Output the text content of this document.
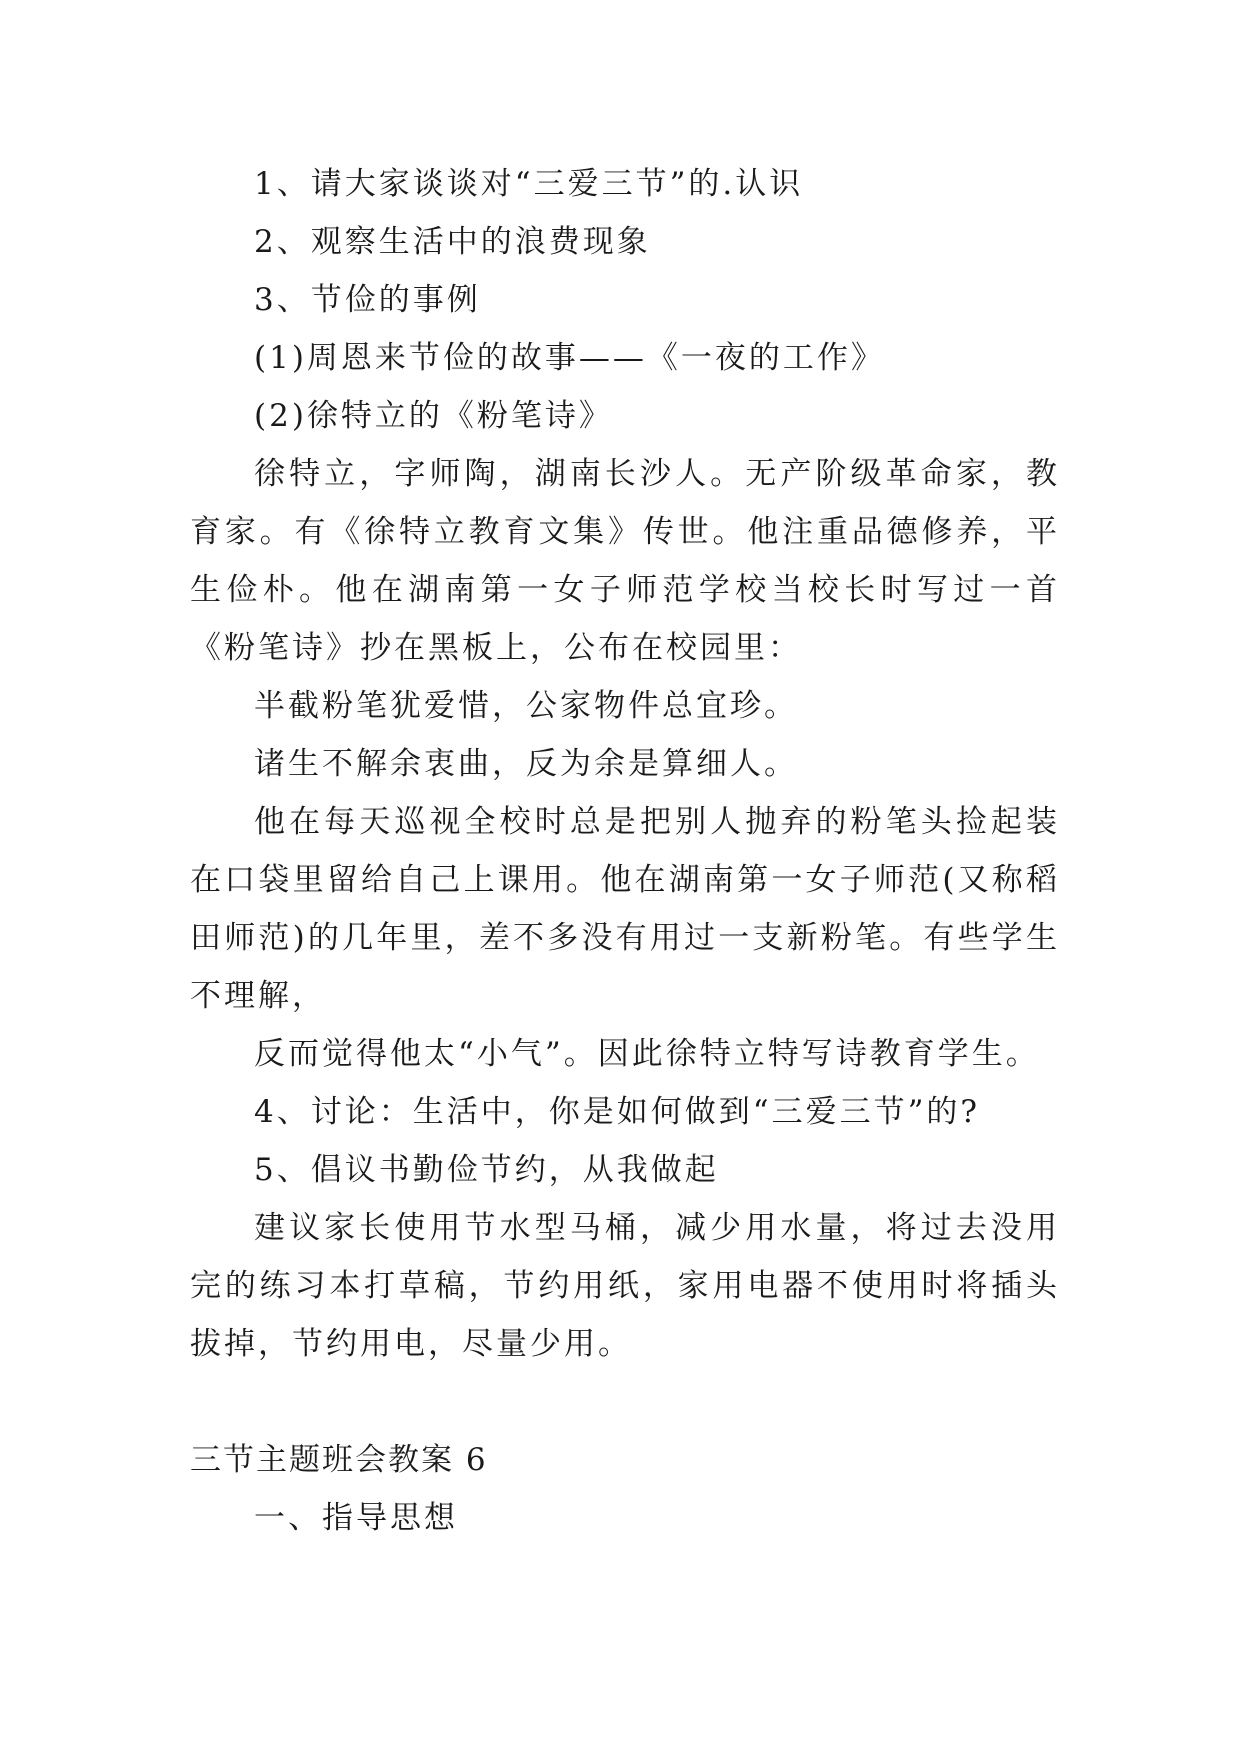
1、请大家谈谈对“三爱三节”的.认识

2、观察生活中的浪费现象

3、节俭的事例

(1)周恩来节俭的故事——《一夜的工作》

(2)徐特立的《粉笔诗》

徐特立，字师陶，湖南长沙人。无产阶级革命家，教育家。有《徐特立教育文集》传世。他注重品德修养，平生俭朴。他在湖南第一女子师范学校当校长时写过一首《粉笔诗》抄在黑板上，公布在校园里：

半截粉笔犹爱惜，公家物件总宜珍。

诸生不解余衷曲，反为余是算细人。

他在每天巡视全校时总是把别人抛弃的粉笔头捡起装在口袋里留给自己上课用。他在湖南第一女子师范(又称稻田师范)的几年里，差不多没有用过一支新粉笔。有些学生不理解，

反而觉得他太“小气”。因此徐特立特写诗教育学生。

4、讨论：生活中，你是如何做到“三爱三节”的?

5、倡议书勤俭节约，从我做起

建议家长使用节水型马桶，减少用水量，将过去没用完的练习本打草稿，节约用纸，家用电器不使用时将插头拔掉，节约用电，尽量少用。

三节主题班会教案 6

一、指导思想
